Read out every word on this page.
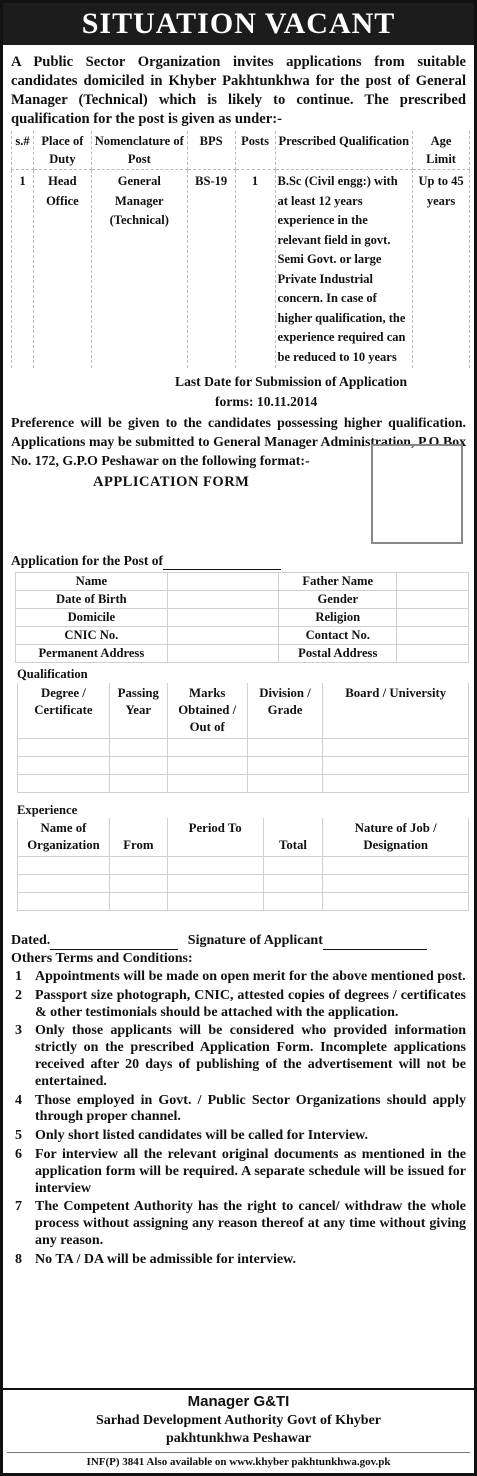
SITUATION VACANT
A Public Sector Organization invites applications from suitable candidates domiciled in Khyber Pakhtunkhwa for the post of General Manager (Technical) which is likely to continue. The prescribed qualification for the post is given as under:-
s.#	Place of Duty	Nomenclature of Post	BPS	Posts	Prescribed Qualification	Age Limit
1	Head Office	General Manager (Technical)	BS-19	1	B.Sc (Civil engg:) with at least 12 years experience in the relevant field in govt. Semi Govt. or large Private Industrial concern. In case of higher qualification, the experience required can be reduced to 10 years	Up to 45 years
Last Date for Submission of Application
forms: 10.11.2014
Preference will be given to the candidates possessing higher qualification. Applications may be submitted to General Manager Administration, P.O Box No. 172, G.P.O Peshawar on the following format:-
APPLICATION FORM
Application for the Post of
Name		Father Name	
Date of Birth		Gender	
Domicile		Religion	
CNIC No.		Contact No.	
Permanent Address		Postal Address	
Qualification
Degree / Certificate	Passing Year	Marks Obtained / Out of	Division / Grade	Board / University

Experience
Name of Organization	From	Period To	Total	Nature of Job / Designation

Dated.	Signature of Applicant
Others Terms and Conditions:
1 Appointments will be made on open merit for the above mentioned post.
2 Passport size photograph, CNIC, attested copies of degrees / certificates & other testimonials should be attached with the application.
3 Only those applicants will be considered who provided information strictly on the prescribed Application Form. Incomplete applications received after 20 days of publishing of the advertisement will not be entertained.
4 Those employed in Govt. / Public Sector Organizations should apply through proper channel.
5 Only short listed candidates will be called for Interview.
6 For interview all the relevant original documents as mentioned in the application form will be required. A separate schedule will be issued for interview
7 The Competent Authority has the right to cancel/ withdraw the whole process without assigning any reason thereof at any time without giving any reason.
8 No TA / DA will be admissible for interview.
Manager G&TI
Sarhad Development Authority Govt of Khyber
pakhtunkhwa Peshawar
INF(P) 3841 Also available on www.khyber pakhtunkhwa.gov.pk
